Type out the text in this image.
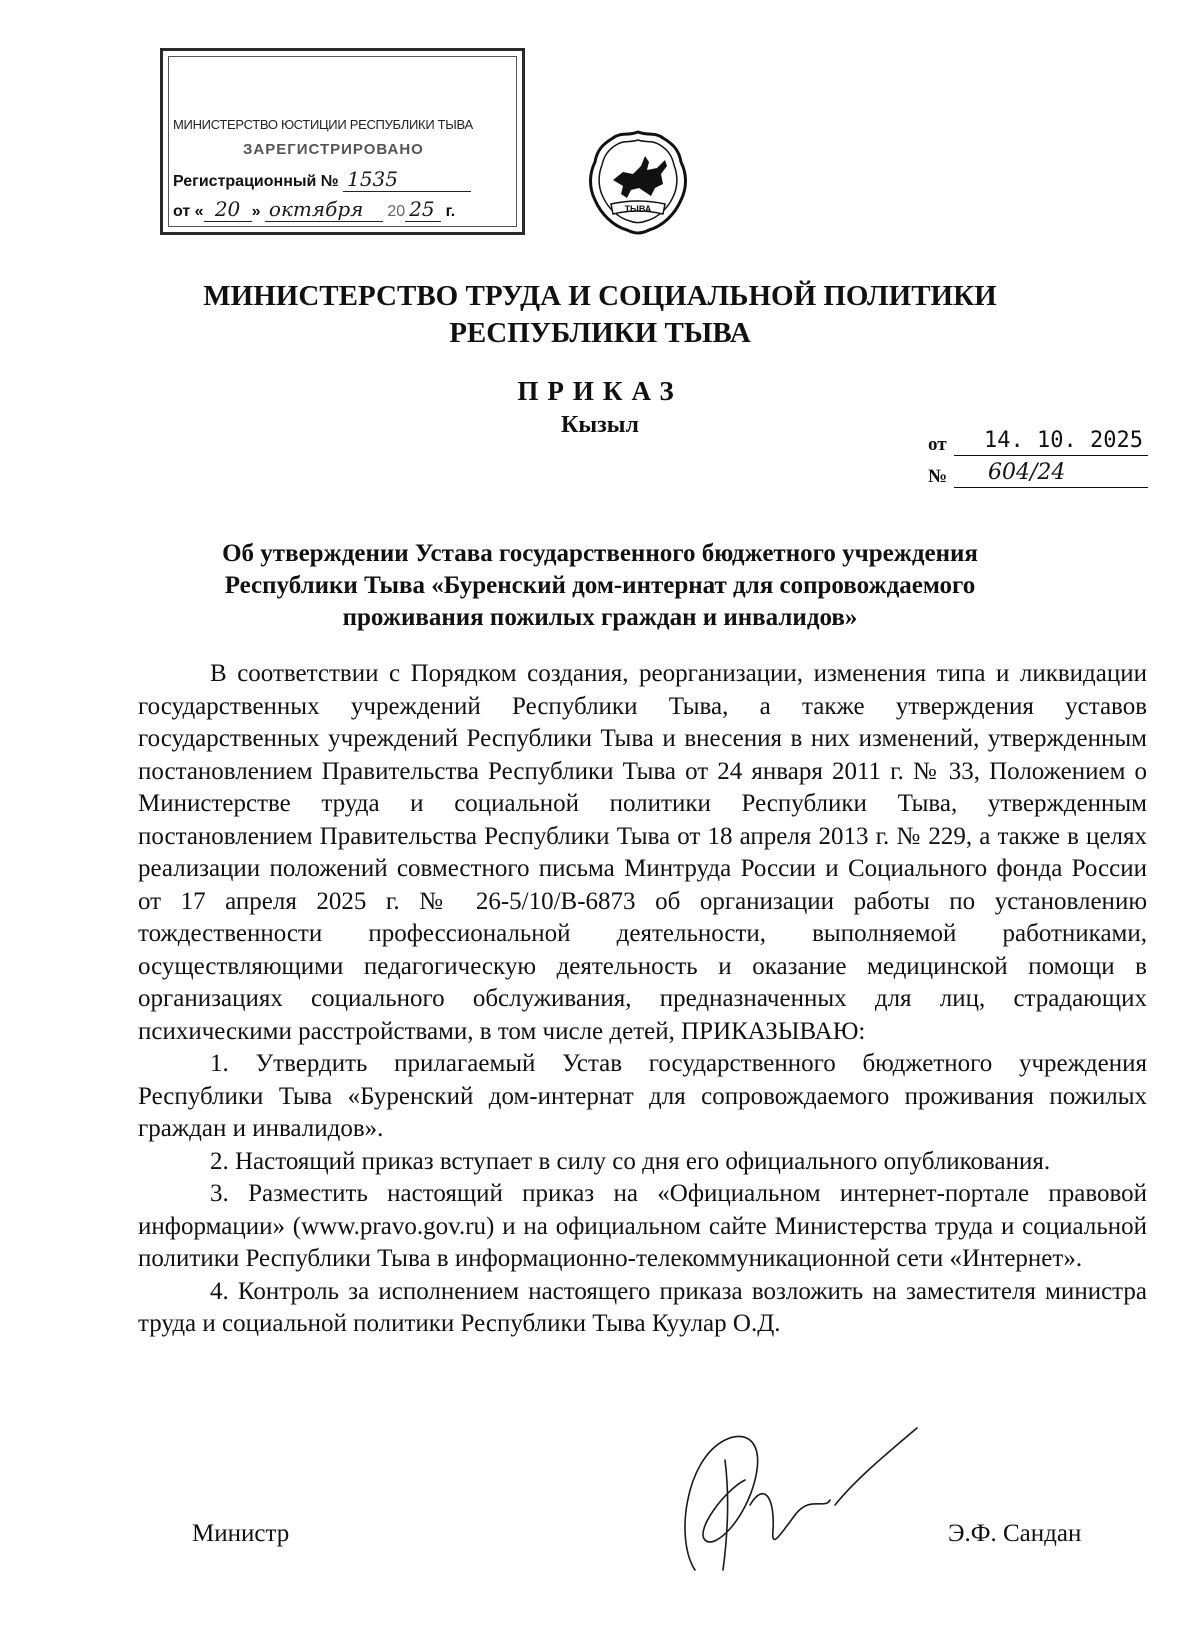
МИНИСТЕРСТВО ЮСТИЦИИ РЕСПУБЛИКИ ТЫВА
ЗАРЕГИСТРИРОВАНО
Регистрационный № 1535
от « 20 » октября 20 25 г.	ТЫВА
МИНИСТЕРСТВО ТРУДА И СОЦИАЛЬНОЙ ПОЛИТИКИ
РЕСПУБЛИКИ ТЫВА
ПРИКАЗ
Кызыл
от 14. 10. 2025
№ 604/24
Об утверждении Устава государственного бюджетного учреждения
Республики Тыва «Буренский дом-интернат для сопровождаемого
проживания пожилых граждан и инвалидов»

В соответствии с Порядком создания, реорганизации, изменения типа и ликвидации государственных учреждений Республики Тыва, а также утверждения уставов государственных учреждений Республики Тыва и внесения в них изменений, утвержденным постановлением Правительства Республики Тыва от 24 января 2011 г. № 33, Положением о Министерстве труда и социальной политики Республики Тыва, утвержденным постановлением Правительства Республики Тыва от 18 апреля 2013 г. № 229, а также в целях реализации положений совместного письма Минтруда России и Социального фонда России от 17 апреля 2025 г. № 26-5/10/В-6873 об организации работы по установлению тождественности профессиональной деятельности, выполняемой работниками, осуществляющими педагогическую деятельность и оказание медицинской помощи в организациях социального обслуживания, предназначенных для лиц, страдающих психическими расстройствами, в том числе детей, ПРИКАЗЫВАЮ:

1. Утвердить прилагаемый Устав государственного бюджетного учреждения Республики Тыва «Буренский дом-интернат для сопровождаемого проживания пожилых граждан и инвалидов».

2. Настоящий приказ вступает в силу со дня его официального опубликования.

3. Разместить настоящий приказ на «Официальном интернет-портале правовой информации» (www.pravo.gov.ru) и на официальном сайте Министерства труда и социальной политики Республики Тыва в информационно-телекоммуникационной сети «Интернет».

4. Контроль за исполнением настоящего приказа возложить на заместителя министра труда и социальной политики Республики Тыва Куулар О.Д.

Министр	Э.Ф. Сандан
